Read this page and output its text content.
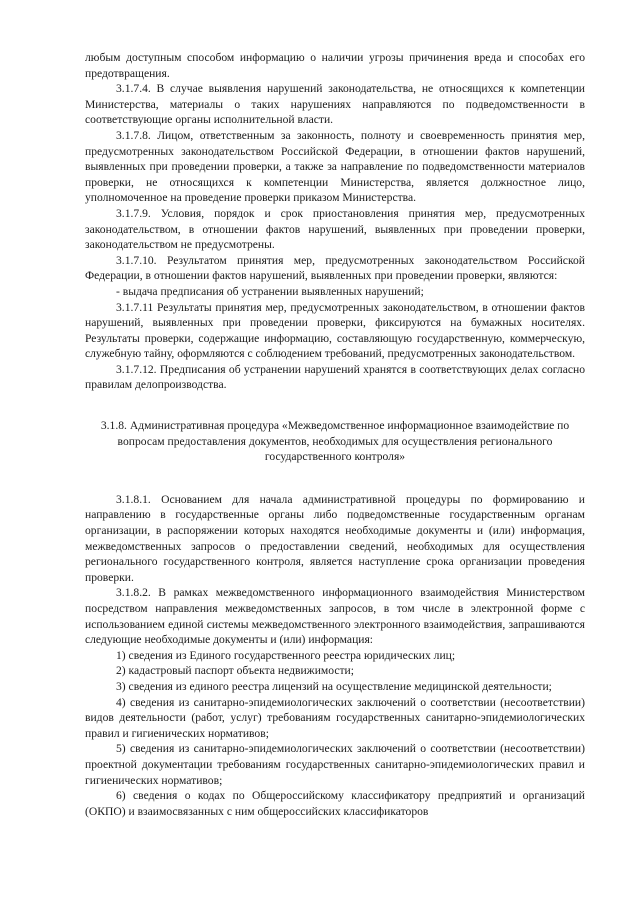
любым доступным способом информацию о наличии угрозы причинения вреда и способах его предотвращения.
3.1.7.4. В случае выявления нарушений законодательства, не относящихся к компетенции Министерства, материалы о таких нарушениях направляются по подведомственности в соответствующие органы исполнительной власти.
3.1.7.8. Лицом, ответственным за законность, полноту и своевременность принятия мер, предусмотренных законодательством Российской Федерации, в отношении фактов нарушений, выявленных при проведении проверки, а также за направление по подведомственности материалов проверки, не относящихся к компетенции Министерства, является должностное лицо, уполномоченное на проведение проверки приказом Министерства.
3.1.7.9. Условия, порядок и срок приостановления принятия мер, предусмотренных законодательством, в отношении фактов нарушений, выявленных при проведении проверки, законодательством не предусмотрены.
3.1.7.10. Результатом принятия мер, предусмотренных законодательством Российской Федерации, в отношении фактов нарушений, выявленных при проведении проверки, являются:
- выдача предписания об устранении выявленных нарушений;
3.1.7.11 Результаты принятия мер, предусмотренных законодательством, в отношении фактов нарушений, выявленных при проведении проверки, фиксируются на бумажных носителях. Результаты проверки, содержащие информацию, составляющую государственную, коммерческую, служебную тайну, оформляются с соблюдением требований, предусмотренных законодательством.
3.1.7.12. Предписания об устранении нарушений хранятся в соответствующих делах согласно правилам делопроизводства.
3.1.8. Административная процедура «Межведомственное информационное взаимодействие по вопросам предоставления документов, необходимых для осуществления регионального государственного контроля»
3.1.8.1. Основанием для начала административной процедуры по формированию и направлению в государственные органы либо подведомственные государственным органам организации, в распоряжении которых находятся необходимые документы и (или) информация, межведомственных запросов о предоставлении сведений, необходимых для осуществления регионального государственного контроля, является наступление срока организации проведения проверки.
3.1.8.2. В рамках межведомственного информационного взаимодействия Министерством посредством направления межведомственных запросов, в том числе в электронной форме с использованием единой системы межведомственного электронного взаимодействия, запрашиваются следующие необходимые документы и (или) информация:
1) сведения из Единого государственного реестра юридических лиц;
2) кадастровый паспорт объекта недвижимости;
3) сведения из единого реестра лицензий на осуществление медицинской деятельности;
4) сведения из санитарно-эпидемиологических заключений о соответствии (несоответствии) видов деятельности (работ, услуг) требованиям государственных санитарно-эпидемиологических правил и гигиенических нормативов;
5) сведения из санитарно-эпидемиологических заключений о соответствии (несоответствии) проектной документации требованиям государственных санитарно-эпидемиологических правил и гигиенических нормативов;
6) сведения о кодах по Общероссийскому классификатору предприятий и организаций (ОКПО) и взаимосвязанных с ним общероссийских классификаторов
